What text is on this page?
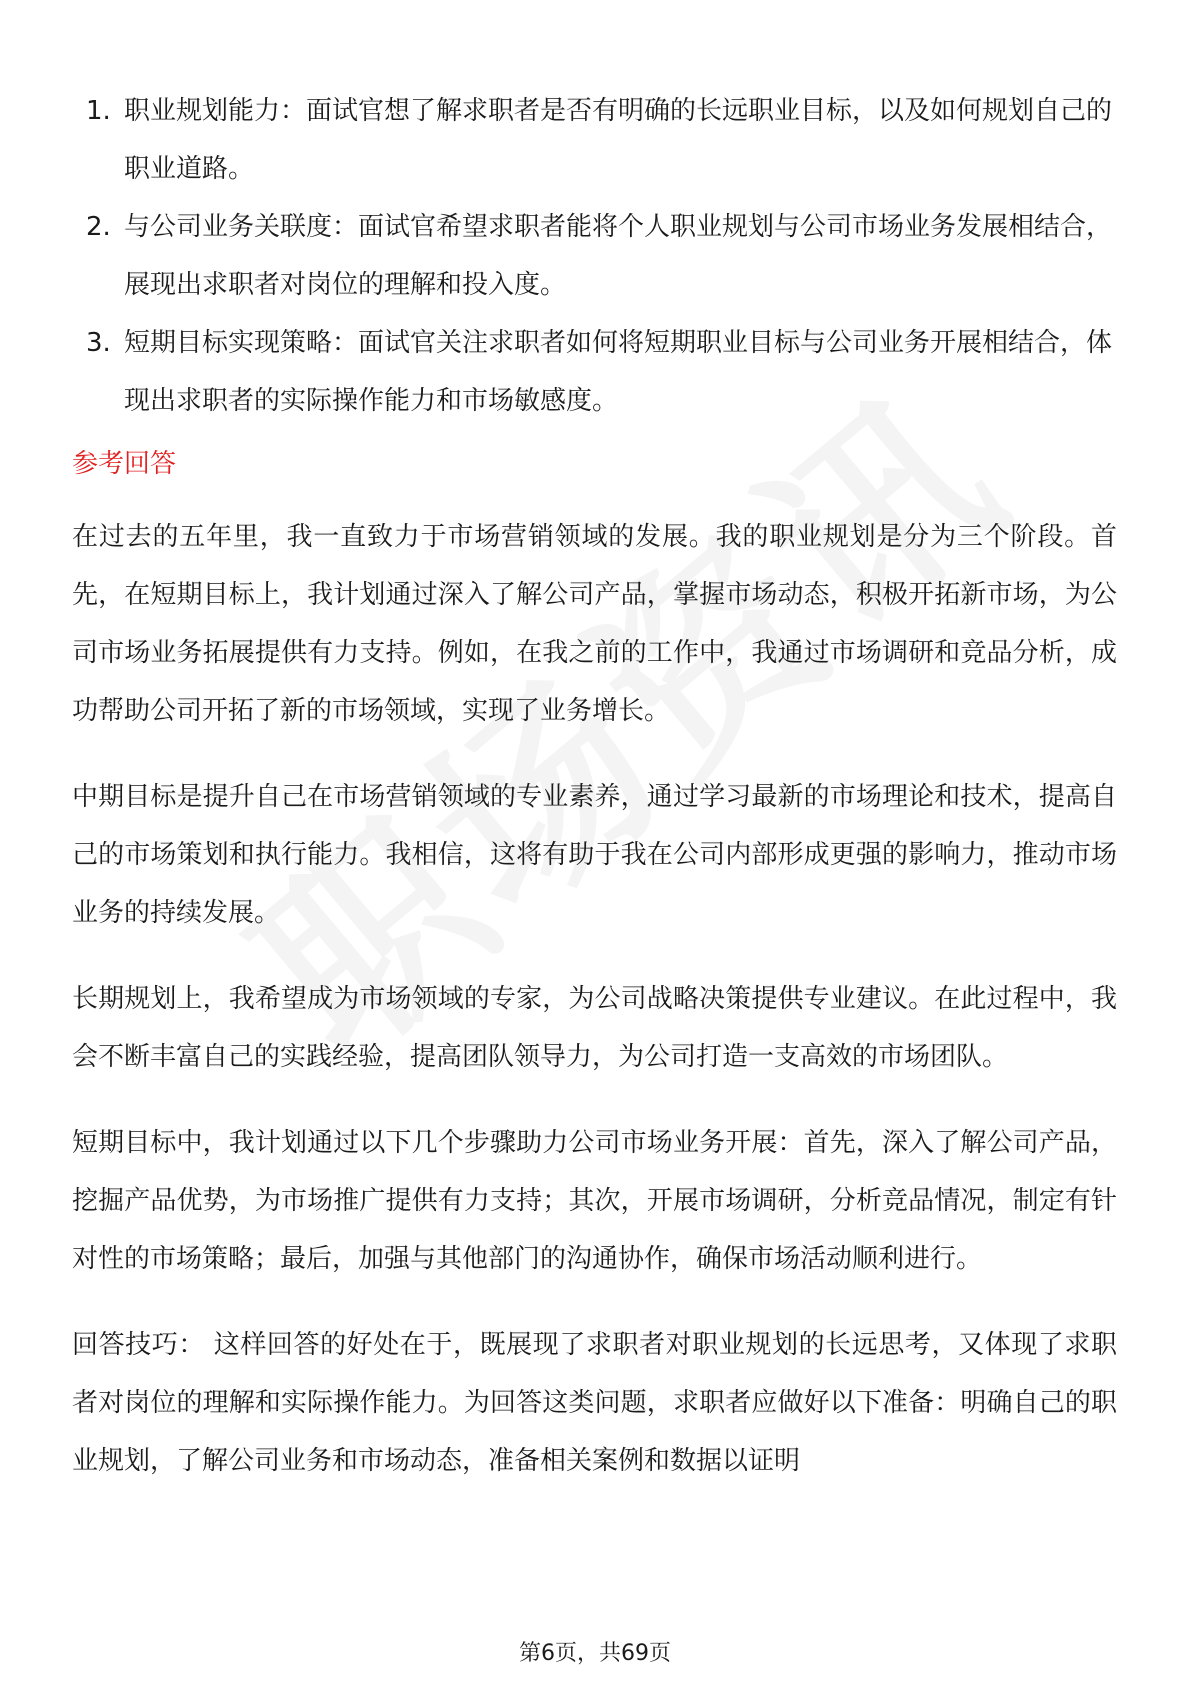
1. 职业规划能力：面试官想了解求职者是否有明确的长远职业目标，以及如何规划自己的职业道路。
2. 与公司业务关联度：面试官希望求职者能将个人职业规划与公司市场业务发展相结合，展现出求职者对岗位的理解和投入度。
3. 短期目标实现策略：面试官关注求职者如何将短期职业目标与公司业务开展相结合，体现出求职者的实际操作能力和市场敏感度。
参考回答

在过去的五年里，我一直致力于市场营销领域的发展。我的职业规划是分为三个阶段。首先，在短期目标上，我计划通过深入了解公司产品，掌握市场动态，积极开拓新市场，为公司市场业务拓展提供有力支持。例如，在我之前的工作中，我通过市场调研和竞品分析，成功帮助公司开拓了新的市场领域，实现了业务增长。

中期目标是提升自己在市场营销领域的专业素养，通过学习最新的市场理论和技术，提高自己的市场策划和执行能力。我相信，这将有助于我在公司内部形成更强的影响力，推动市场业务的持续发展。

长期规划上，我希望成为市场领域的专家，为公司战略决策提供专业建议。在此过程中，我会不断丰富自己的实践经验，提高团队领导力，为公司打造一支高效的市场团队。

短期目标中，我计划通过以下几个步骤助力公司市场业务开展：首先，深入了解公司产品，挖掘产品优势，为市场推广提供有力支持；其次，开展市场调研，分析竞品情况，制定有针对性的市场策略；最后，加强与其他部门的沟通协作，确保市场活动顺利进行。

回答技巧： 这样回答的好处在于，既展现了求职者对职业规划的长远思考，又体现了求职者对岗位的理解和实际操作能力。为回答这类问题，求职者应做好以下准备：明确自己的职业规划，了解公司业务和市场动态，准备相关案例和数据以证明

第6页，共69页
